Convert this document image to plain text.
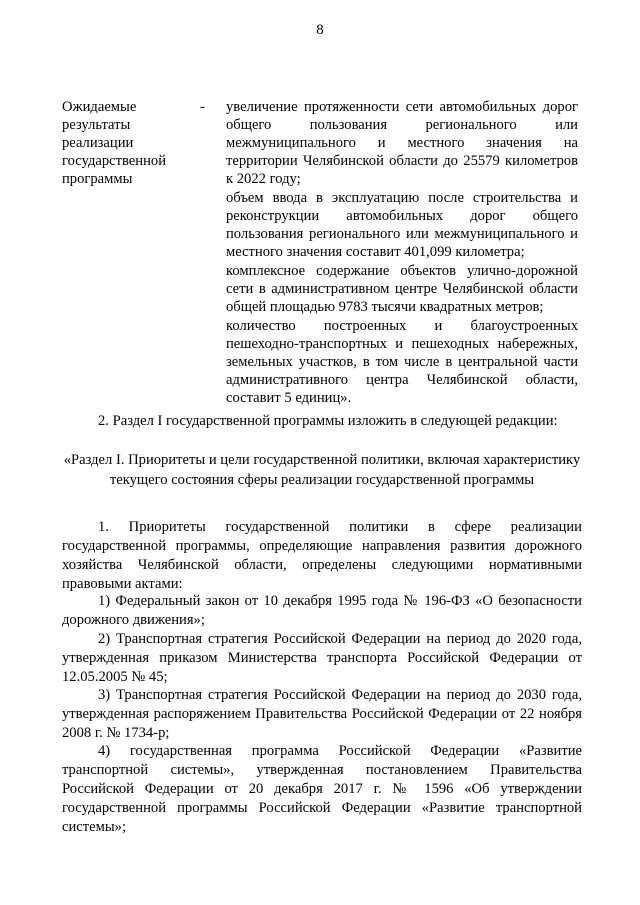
8
Ожидаемые результаты реализации государственной программы
- увеличение протяженности сети автомобильных дорог общего пользования регионального или межмуниципального и местного значения на территории Челябинской области до 25579 километров к 2022 году;

объем ввода в эксплуатацию после строительства и реконструкции автомобильных дорог общего пользования регионального или межмуниципального и местного значения составит 401,099 километра;

комплексное содержание объектов улично-дорожной сети в административном центре Челябинской области общей площадью 9783 тысячи квадратных метров;

количество построенных и благоустроенных пешеходно-транспортных и пешеходных набережных, земельных участков, в том числе в центральной части административного центра Челябинской области, составит 5 единиц».

2. Раздел I государственной программы изложить в следующей редакции:
«Раздел I. Приоритеты и цели государственной политики, включая характеристику текущего состояния сферы реализации государственной программы
1. Приоритеты государственной политики в сфере реализации государственной программы, определяющие направления развития дорожного хозяйства Челябинской области, определены следующими нормативными правовыми актами:
1) Федеральный закон от 10 декабря 1995 года № 196-ФЗ «О безопасности дорожного движения»;
2) Транспортная стратегия Российской Федерации на период до 2020 года, утвержденная приказом Министерства транспорта Российской Федерации от 12.05.2005 № 45;
3) Транспортная стратегия Российской Федерации на период до 2030 года, утвержденная распоряжением Правительства Российской Федерации от 22 ноября 2008 г. № 1734-р;
4) государственная программа Российской Федерации «Развитие транспортной системы», утвержденная постановлением Правительства Российской Федерации от 20 декабря 2017 г. № 1596 «Об утверждении государственной программы Российской Федерации «Развитие транспортной системы»;
